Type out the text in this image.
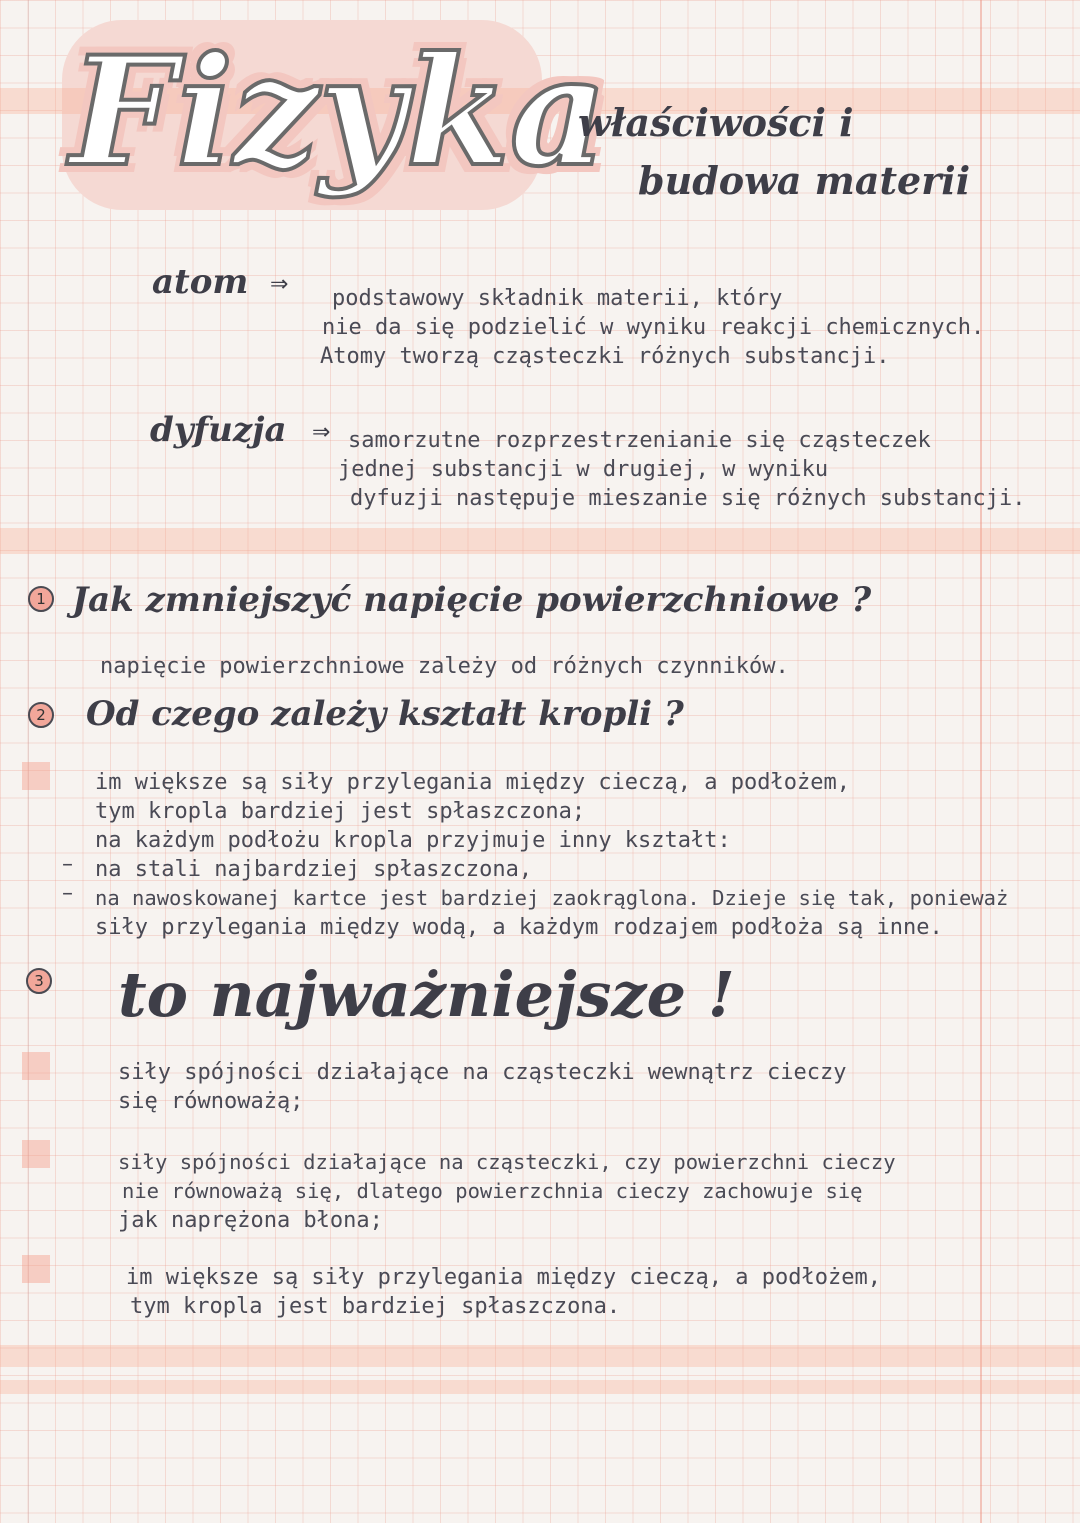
Fizyka
właściwości i
budowa materii
atom ⇒
podstawowy składnik materii, który
nie da się podzielić w wyniku reakcji chemicznych.
Atomy tworzą cząsteczki różnych substancji.
dyfuzja ⇒ samorzutne rozprzestrzenianie się cząsteczek
jednej substancji w drugiej, w wyniku
dyfuzji następuje mieszanie się różnych substancji.
1 Jak zmniejszyć napięcie powierzchniowe ?
napięcie powierzchniowe zależy od różnych czynników.
2 Od czego zależy kształt kropli ?
im większe są siły przylegania między cieczą, a podłożem,
tym kropla bardziej jest spłaszczona;
na każdym podłożu kropla przyjmuje inny kształt:
– na stali najbardziej spłaszczona,
– na nawoskowanej kartce jest bardziej zaokrąglona. Dzieje się tak, ponieważ
siły przylegania między wodą, a każdym rodzajem podłoża są inne.
3 to najważniejsze !
siły spójności działające na cząsteczki wewnątrz cieczy
się równoważą;
siły spójności działające na cząsteczki, czy powierzchni cieczy
nie równoważą się, dlatego powierzchnia cieczy zachowuje się
jak naprężona błona;
im większe są siły przylegania między cieczą, a podłożem,
tym kropla jest bardziej spłaszczona.
